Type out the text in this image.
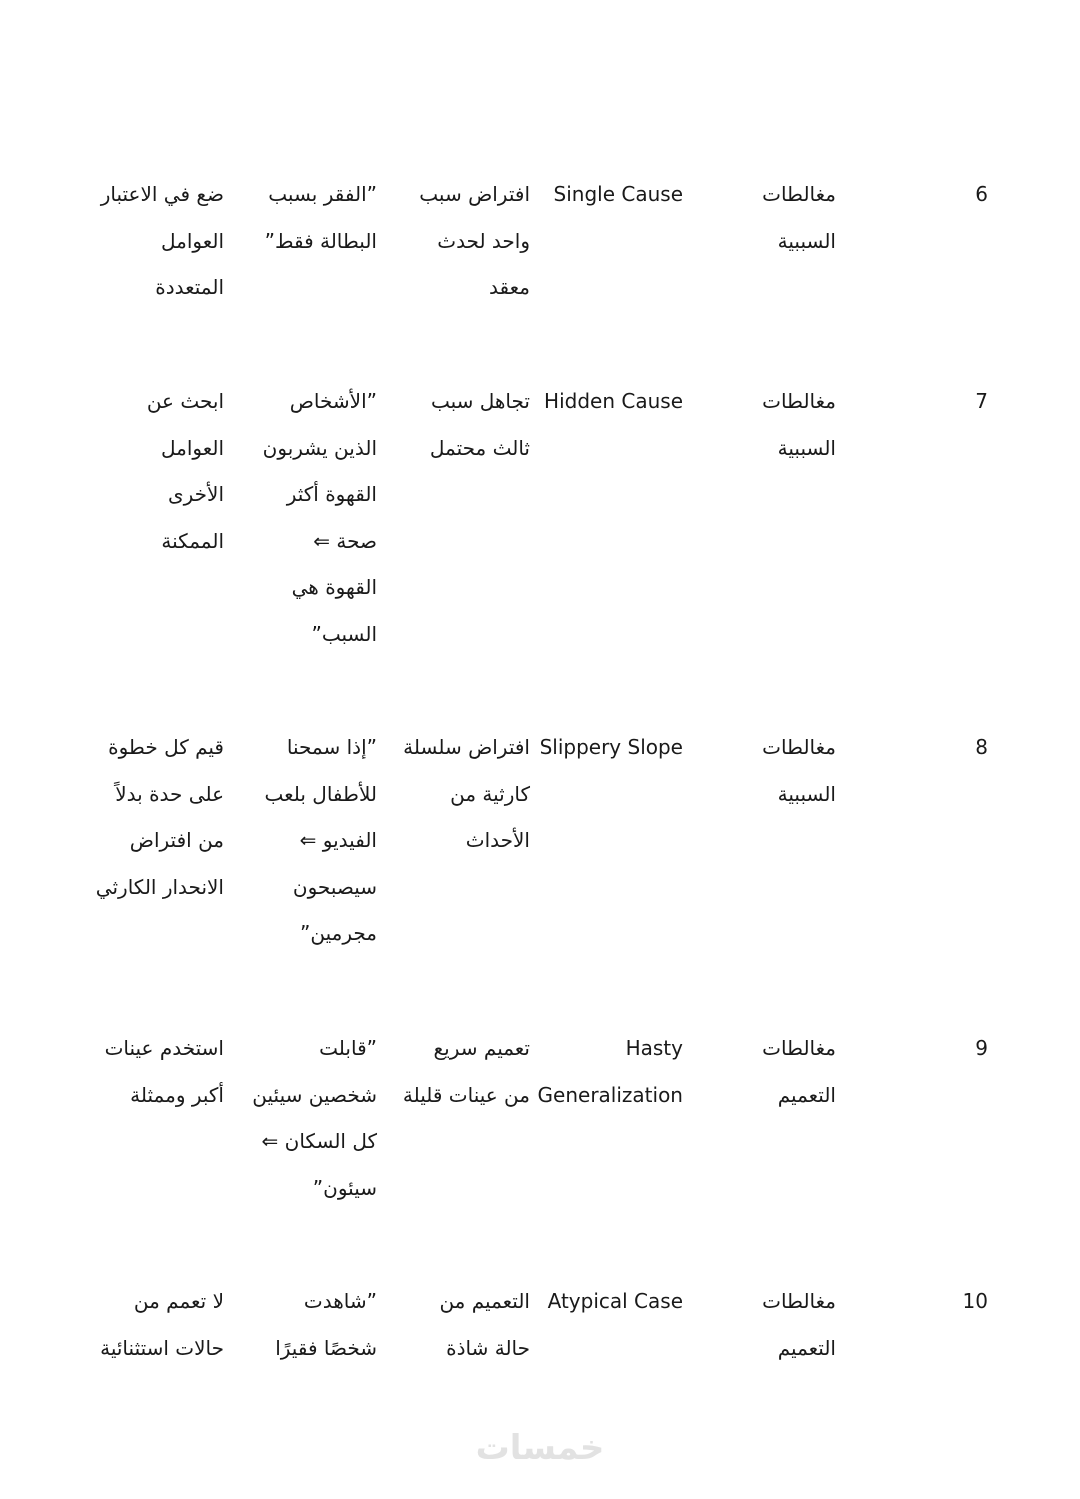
6
مغالطات
السببية
Single Cause
افتراض سبب
واحد لحدث
معقد
”الفقر بسبب
البطالة فقط”
ضع في الاعتبار
العوامل
المتعددة
7
مغالطات
السببية
Hidden Cause
تجاهل سبب
ثالث محتمل
”الأشخاص
الذين يشربون
القهوة أكثر
صحة ⇐
القهوة هي
السبب”
ابحث عن
العوامل
الأخرى
الممكنة
8
مغالطات
السببية
Slippery Slope
افتراض سلسلة
كارثية من
الأحداث
”إذا سمحنا
للأطفال بلعب
الفيديو ⇐
سيصبحون
مجرمين”
قيم كل خطوة
على حدة بدلاً
من افتراض
الانحدار الكارثي
9
مغالطات
التعميم
Hasty
Generalization
تعميم سريع
من عينات قليلة
”قابلت
شخصين سيئين
كل السكان ⇐
سيئون”
استخدم عينات
أكبر وممثلة
10
مغالطات
التعميم
Atypical Case
التعميم من
حالة شاذة
”شاهدت
شخصًا فقيرًا
لا تعمم من
حالات استثنائية
خمسات
